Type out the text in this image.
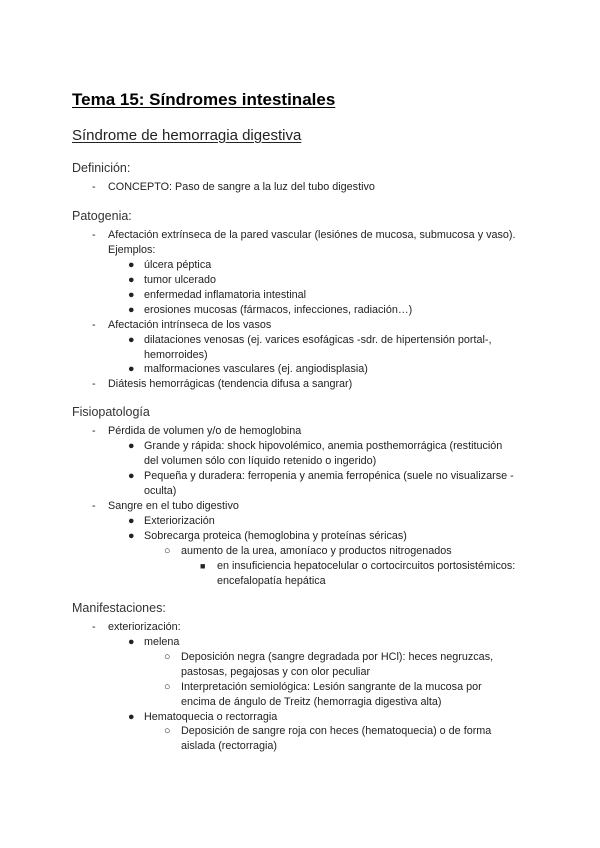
Tema 15: Síndromes intestinales
Síndrome de hemorragia digestiva
Definición:
- CONCEPTO: Paso de sangre a la luz del tubo digestivo
Patogenia:
- Afectación extrínseca de la pared vascular (lesiónes de mucosa, submucosa y vaso).
Ejemplos:
● úlcera péptica
● tumor ulcerado
● enfermedad inflamatoria intestinal
● erosiones mucosas (fármacos, infecciones, radiación…)
- Afectación intrínseca de los vasos
● dilataciones venosas (ej. varices esofágicas -sdr. de hipertensión portal-,
hemorroides)
● malformaciones vasculares (ej. angiodisplasia)
- Diátesis hemorrágicas (tendencia difusa a sangrar)
Fisiopatología
- Pérdida de volumen y/o de hemoglobina
● Grande y rápida: shock hipovolémico, anemia posthemorrágica (restitución
del volumen sólo con líquido retenido o ingerido)
● Pequeña y duradera: ferropenia y anemia ferropénica (suele no visualizarse -
oculta)
- Sangre en el tubo digestivo
● Exteriorización
● Sobrecarga proteica (hemoglobina y proteínas séricas)
○ aumento de la urea, amoníaco y productos nitrogenados
■ en insuficiencia hepatocelular o cortocircuitos portosistémicos:
encefalopatía hepática
Manifestaciones:
- exteriorización:
● melena
○ Deposición negra (sangre degradada por HCl): heces negruzcas,
pastosas, pegajosas y con olor peculiar
○ Interpretación semiológica: Lesión sangrante de la mucosa por
encima de ángulo de Treitz (hemorragia digestiva alta)
● Hematoquecia o rectorragia
○ Deposición de sangre roja con heces (hematoquecia) o de forma
aislada (rectorragia)
